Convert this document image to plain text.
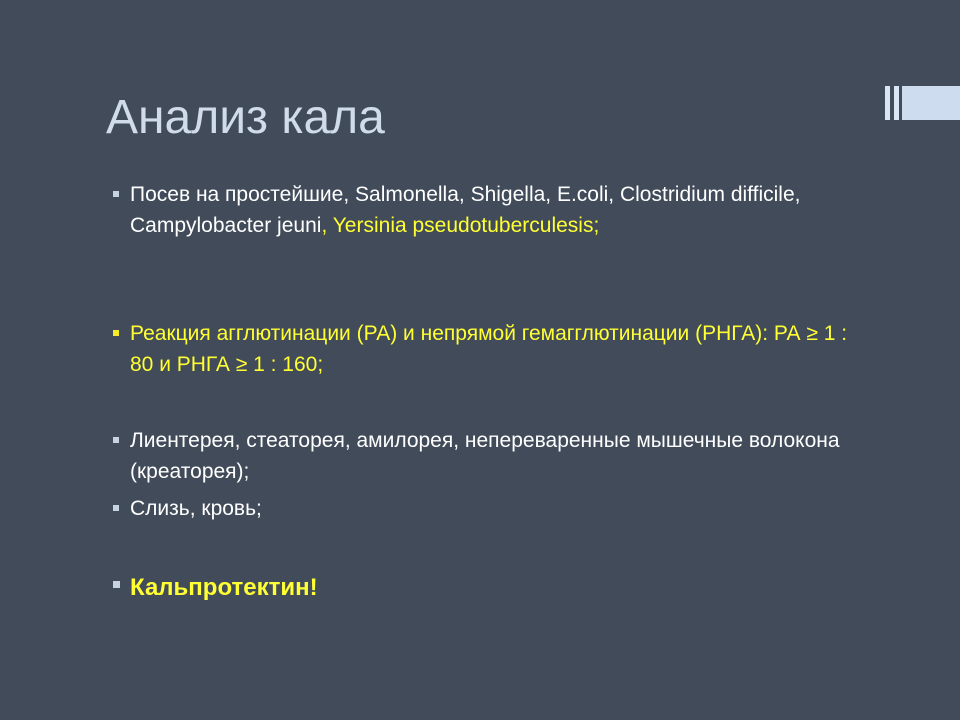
Анализ кала
Посев на простейшие, Salmonella, Shigella, E.coli, Clostridium difficile, Campylobacter jeuni, Yersinia pseudotuberculesis;
Реакция агглютинации (РА) и непрямой гемагглютинации (РНГА): РА ≥ 1 : 80 и РНГА ≥ 1 : 160;
Лиентерея, стеаторея, амилорея, непереваренные мышечные волокона (креаторея);
Слизь, кровь;
Кальпротектин!
